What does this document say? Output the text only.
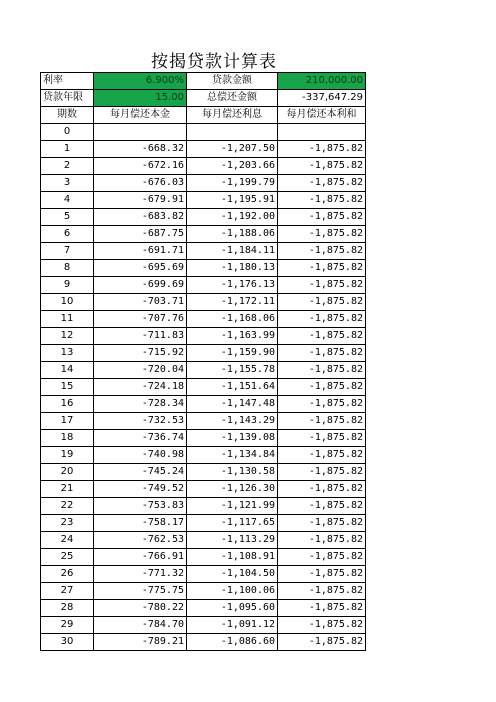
按揭贷款计算表
利率	6.900%	贷款金额	210,000.00
贷款年限	15.00	总偿还金额	-337,647.29
期数	每月偿还本金	每月偿还利息	每月偿还本利和
0			
1	-668.32	-1,207.50	-1,875.82
2	-672.16	-1,203.66	-1,875.82
3	-676.03	-1,199.79	-1,875.82
4	-679.91	-1,195.91	-1,875.82
5	-683.82	-1,192.00	-1,875.82
6	-687.75	-1,188.06	-1,875.82
7	-691.71	-1,184.11	-1,875.82
8	-695.69	-1,180.13	-1,875.82
9	-699.69	-1,176.13	-1,875.82
10	-703.71	-1,172.11	-1,875.82
11	-707.76	-1,168.06	-1,875.82
12	-711.83	-1,163.99	-1,875.82
13	-715.92	-1,159.90	-1,875.82
14	-720.04	-1,155.78	-1,875.82
15	-724.18	-1,151.64	-1,875.82
16	-728.34	-1,147.48	-1,875.82
17	-732.53	-1,143.29	-1,875.82
18	-736.74	-1,139.08	-1,875.82
19	-740.98	-1,134.84	-1,875.82
20	-745.24	-1,130.58	-1,875.82
21	-749.52	-1,126.30	-1,875.82
22	-753.83	-1,121.99	-1,875.82
23	-758.17	-1,117.65	-1,875.82
24	-762.53	-1,113.29	-1,875.82
25	-766.91	-1,108.91	-1,875.82
26	-771.32	-1,104.50	-1,875.82
27	-775.75	-1,100.06	-1,875.82
28	-780.22	-1,095.60	-1,875.82
29	-784.70	-1,091.12	-1,875.82
30	-789.21	-1,086.60	-1,875.82
